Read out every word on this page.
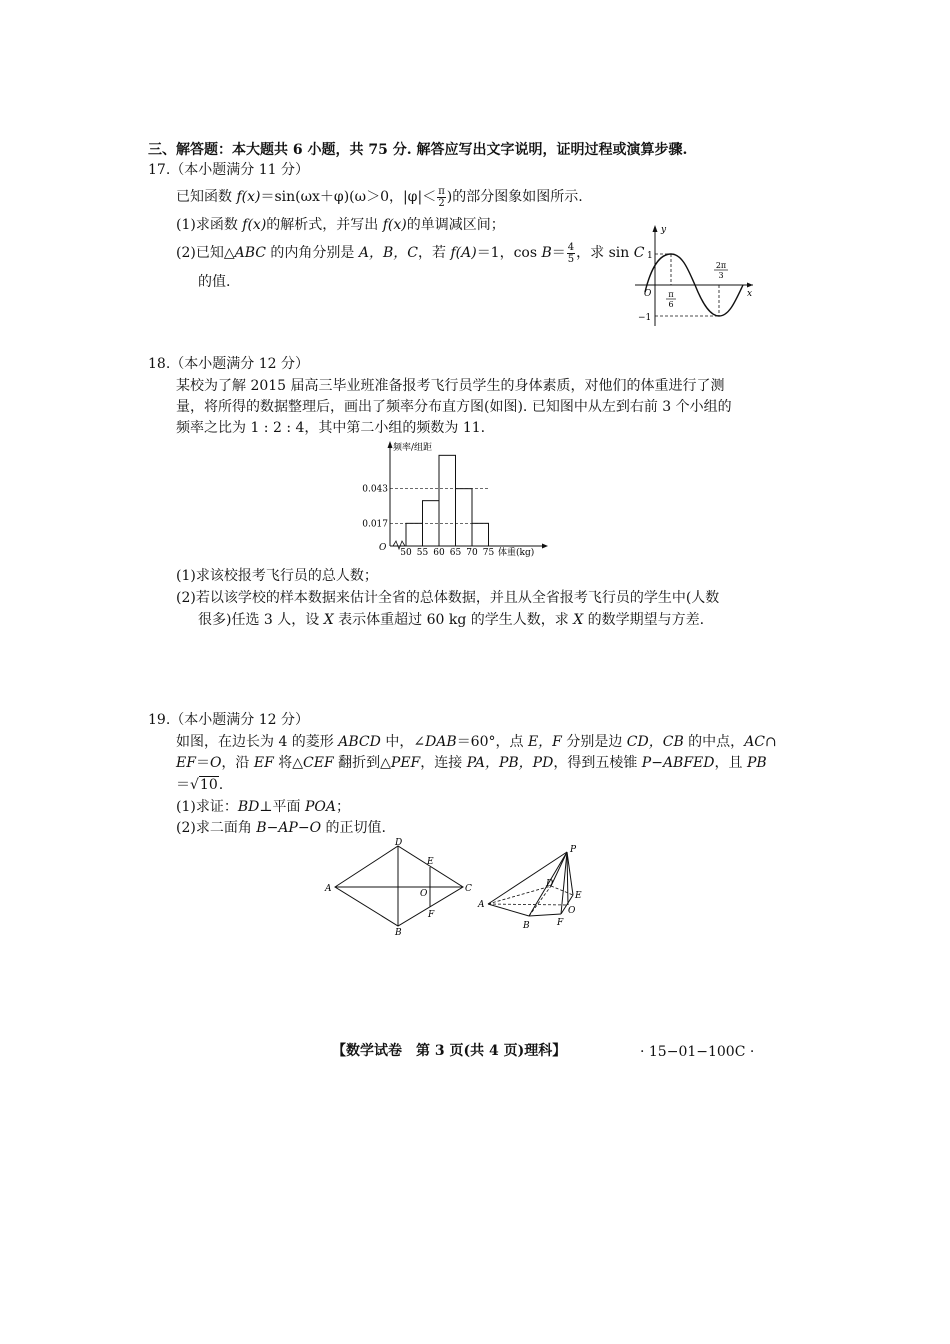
三、解答题：本大题共 6 小题，共 75 分. 解答应写出文字说明，证明过程或演算步骤.
17.（本小题满分 11 分）
已知函数 f(x)＝sin(ωx＋φ)(ω＞0，$|\varphi|< \frac{\pi}{2}$ )的部分图象如图所示.
(1)求函数 f(x)的解析式，并写出 f(x)的单调减区间；
(2)已知△ABC 的内角分别是 A，B，C，若 f(A)＝1，$\cos B= \frac{4}{5}$ ，求 sin C
的值.
y
x
1
−1
O π
6
2π
3
18.（本小题满分 12 分）
某校为了解 2015 届高三毕业班准备报考飞行员学生的身体素质，对他们的体重进行了测
量，将所得的数据整理后，画出了频率分布直方图(如图). 已知图中从左到右前 3 个小组的
频率之比为 1 : 2 : 4，其中第二小组的频数为 11.
频率/组距
O	体重(kg)
50 55 60 65 70 75
0.043
0.017
(1)求该校报考飞行员的总人数；
(2)若以该学校的样本数据来估计全省的总体数据，并且从全省报考飞行员的学生中(人数
很多)任选 3 人，设 X 表示体重超过 60 kg 的学生人数，求 X 的数学期望与方差.
19.（本小题满分 12 分）
如图，在边长为 4 的菱形 ABCD 中，∠DAB＝60°，点 E，F 分别是边 CD，CB 的中点，AC∩
EF＝O，沿 EF 将△CEF 翻折到△PEF，连接 PA，PB，PD，得到五棱锥 P−ABFED，且 PB
＝√10.
(1)求证：BD⊥平面 POA；
(2)求二面角 B−AP−O 的正切值.
A
D
C
B
E
F
O
P
A
B
D
E
F
O
【数学试卷　第 3 页(共 4 页)理科】	· 15−01−100C ·
